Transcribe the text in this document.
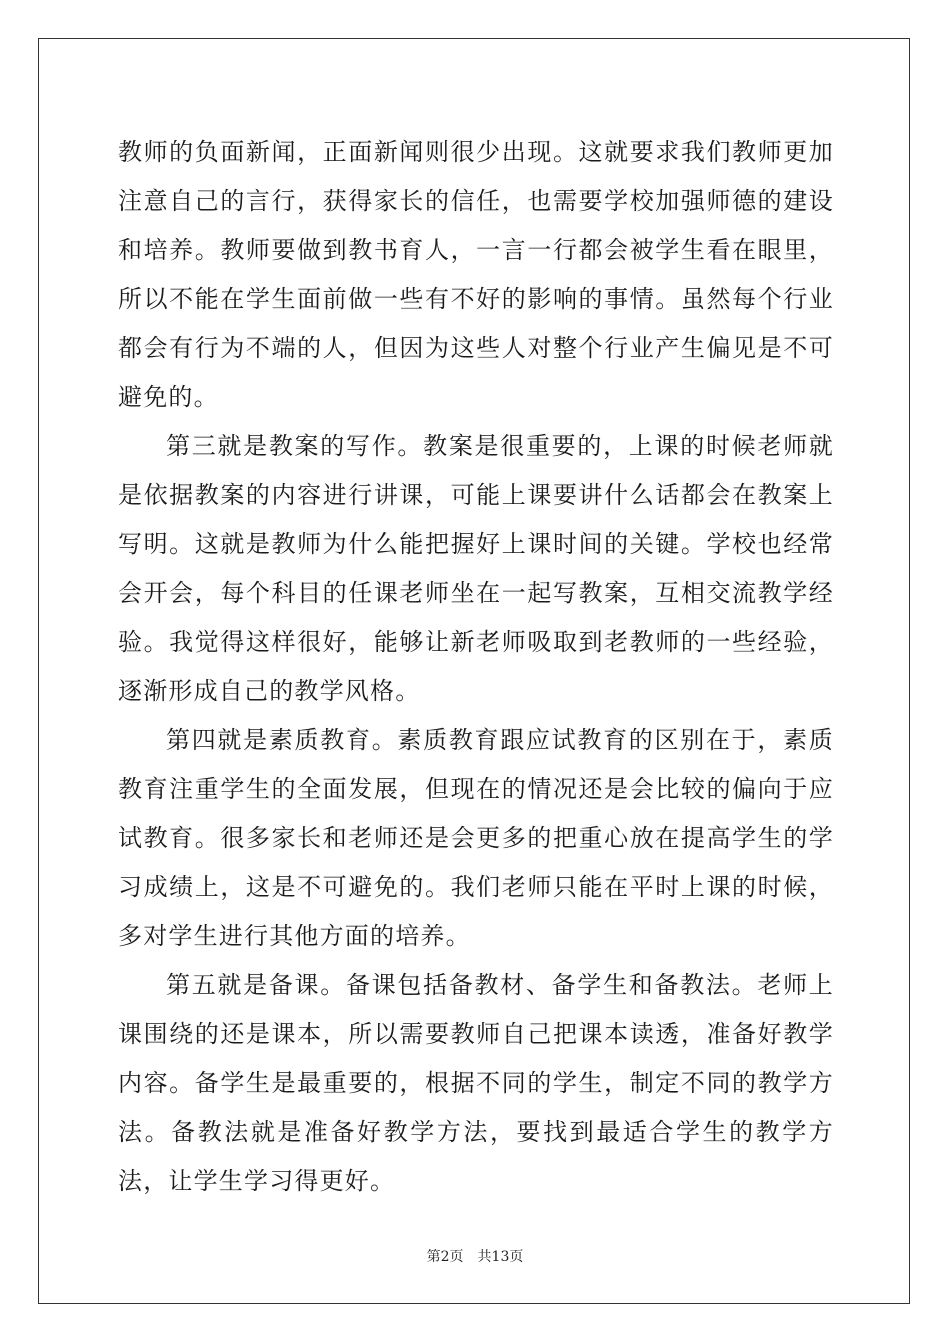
教师的负面新闻，正面新闻则很少出现。这就要求我们教师更加注意自己的言行，获得家长的信任，也需要学校加强师德的建设和培养。教师要做到教书育人，一言一行都会被学生看在眼里，所以不能在学生面前做一些有不好的影响的事情。虽然每个行业都会有行为不端的人，但因为这些人对整个行业产生偏见是不可避免的。

第三就是教案的写作。教案是很重要的，上课的时候老师就是依据教案的内容进行讲课，可能上课要讲什么话都会在教案上写明。这就是教师为什么能把握好上课时间的关键。学校也经常会开会，每个科目的任课老师坐在一起写教案，互相交流教学经验。我觉得这样很好，能够让新老师吸取到老教师的一些经验，逐渐形成自己的教学风格。

第四就是素质教育。素质教育跟应试教育的区别在于，素质教育注重学生的全面发展，但现在的情况还是会比较的偏向于应试教育。很多家长和老师还是会更多的把重心放在提高学生的学习成绩上，这是不可避免的。我们老师只能在平时上课的时候，多对学生进行其他方面的培养。

第五就是备课。备课包括备教材、备学生和备教法。老师上课围绕的还是课本，所以需要教师自己把课本读透，准备好教学内容。备学生是最重要的，根据不同的学生，制定不同的教学方法。备教法就是准备好教学方法，要找到最适合学生的教学方法，让学生学习得更好。

第2页 共13页
